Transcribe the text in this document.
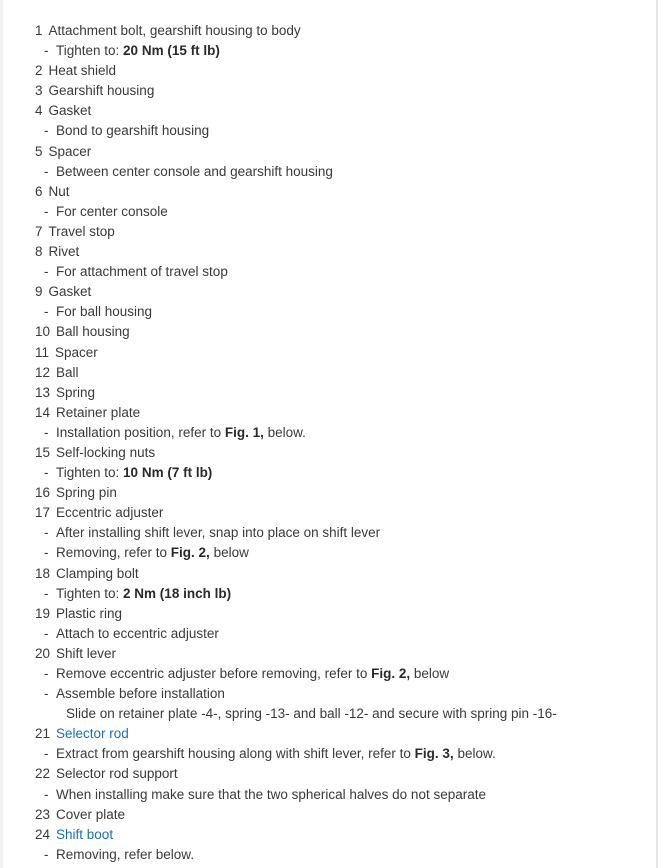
1 Attachment bolt, gearshift housing to body
- Tighten to: 20 Nm (15 ft lb)
2 Heat shield
3 Gearshift housing
4 Gasket
- Bond to gearshift housing
5 Spacer
- Between center console and gearshift housing
6 Nut
- For center console
7 Travel stop
8 Rivet
- For attachment of travel stop
9 Gasket
- For ball housing
10 Ball housing
11 Spacer
12 Ball
13 Spring
14 Retainer plate
- Installation position, refer to Fig. 1, below.
15 Self-locking nuts
- Tighten to: 10 Nm (7 ft lb)
16 Spring pin
17 Eccentric adjuster
- After installing shift lever, snap into place on shift lever
- Removing, refer to Fig. 2, below
18 Clamping bolt
- Tighten to: 2 Nm (18 inch lb)
19 Plastic ring
- Attach to eccentric adjuster
20 Shift lever
- Remove eccentric adjuster before removing, refer to Fig. 2, below
- Assemble before installation
Slide on retainer plate -4-, spring -13- and ball -12- and secure with spring pin -16-
21 Selector rod
- Extract from gearshift housing along with shift lever, refer to Fig. 3, below.
22 Selector rod support
- When installing make sure that the two spherical halves do not separate
23 Cover plate
24 Shift boot
- Removing, refer below.
